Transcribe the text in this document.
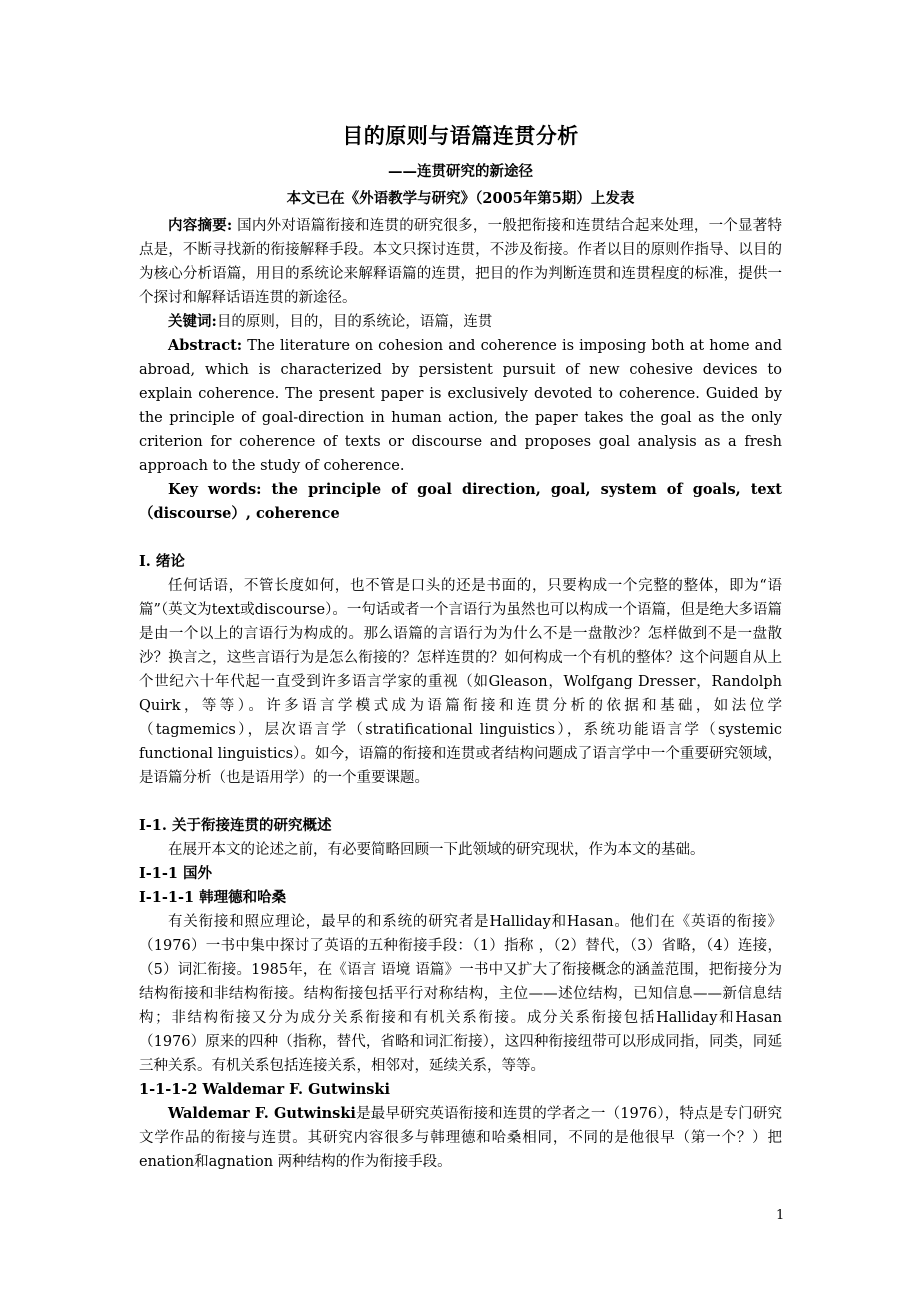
目的原则与语篇连贯分析
——连贯研究的新途径
本文已在《外语教学与研究》（2005年第5期）上发表

内容摘要: 国内外对语篇衔接和连贯的研究很多，一般把衔接和连贯结合起来处理，一个显著特点是，不断寻找新的衔接解释手段。本文只探讨连贯，不涉及衔接。作者以目的原则作指导、以目的为核心分析语篇，用目的系统论来解释语篇的连贯，把目的作为判断连贯和连贯程度的标准，提供一个探讨和解释话语连贯的新途径。

关键词:目的原则，目的，目的系统论，语篇，连贯

Abstract: The literature on cohesion and coherence is imposing both at home and abroad, which is characterized by persistent pursuit of new cohesive devices to explain coherence. The present paper is exclusively devoted to coherence. Guided by the principle of goal-direction in human action, the paper takes the goal as the only criterion for coherence of texts or discourse and proposes goal analysis as a fresh approach to the study of coherence.

Key words: the principle of goal direction, goal, system of goals, text（discourse）, coherence

I. 绪论

任何话语，不管长度如何，也不管是口头的还是书面的，只要构成一个完整的整体，即为“语篇”（英文为text或discourse）。一句话或者一个言语行为虽然也可以构成一个语篇，但是绝大多语篇是由一个以上的言语行为构成的。那么语篇的言语行为为什么不是一盘散沙？怎样做到不是一盘散沙？换言之，这些言语行为是怎么衔接的？怎样连贯的？如何构成一个有机的整体？这个问题自从上个世纪六十年代起一直受到许多语言学家的重视（如Gleason，Wolfgang Dresser，Randolph Quirk，等等）。许多语言学模式成为语篇衔接和连贯分析的依据和基础，如法位学（tagmemics），层次语言学（stratificational linguistics），系统功能语言学（systemic functional linguistics）。如今，语篇的衔接和连贯或者结构问题成了语言学中一个重要研究领域，是语篇分析（也是语用学）的一个重要课题。

I-1. 关于衔接连贯的研究概述

在展开本文的论述之前，有必要简略回顾一下此领域的研究现状，作为本文的基础。

I-1-1 国外
I-1-1-1 韩理德和哈桑

有关衔接和照应理论，最早的和系统的研究者是Halliday和Hasan。他们在《英语的衔接》（1976）一书中集中探讨了英语的五种衔接手段：（1）指称 ，（2）替代，（3）省略，（4）连接，（5）词汇衔接。1985年，在《语言 语境 语篇》一书中又扩大了衔接概念的涵盖范围，把衔接分为结构衔接和非结构衔接。结构衔接包括平行对称结构，主位——述位结构，已知信息——新信息结构；非结构衔接又分为成分关系衔接和有机关系衔接。成分关系衔接包括Halliday和Hasan（1976）原来的四种（指称，替代，省略和词汇衔接），这四种衔接纽带可以形成同指，同类，同延三种关系。有机关系包括连接关系，相邻对，延续关系，等等。

1-1-1-2 Waldemar F. Gutwinski

Waldemar F. Gutwinski是最早研究英语衔接和连贯的学者之一（1976），特点是专门研究文学作品的衔接与连贯。其研究内容很多与韩理德和哈桑相同，不同的是他很早（第一个？）把enation和agnation 两种结构的作为衔接手段。

1
